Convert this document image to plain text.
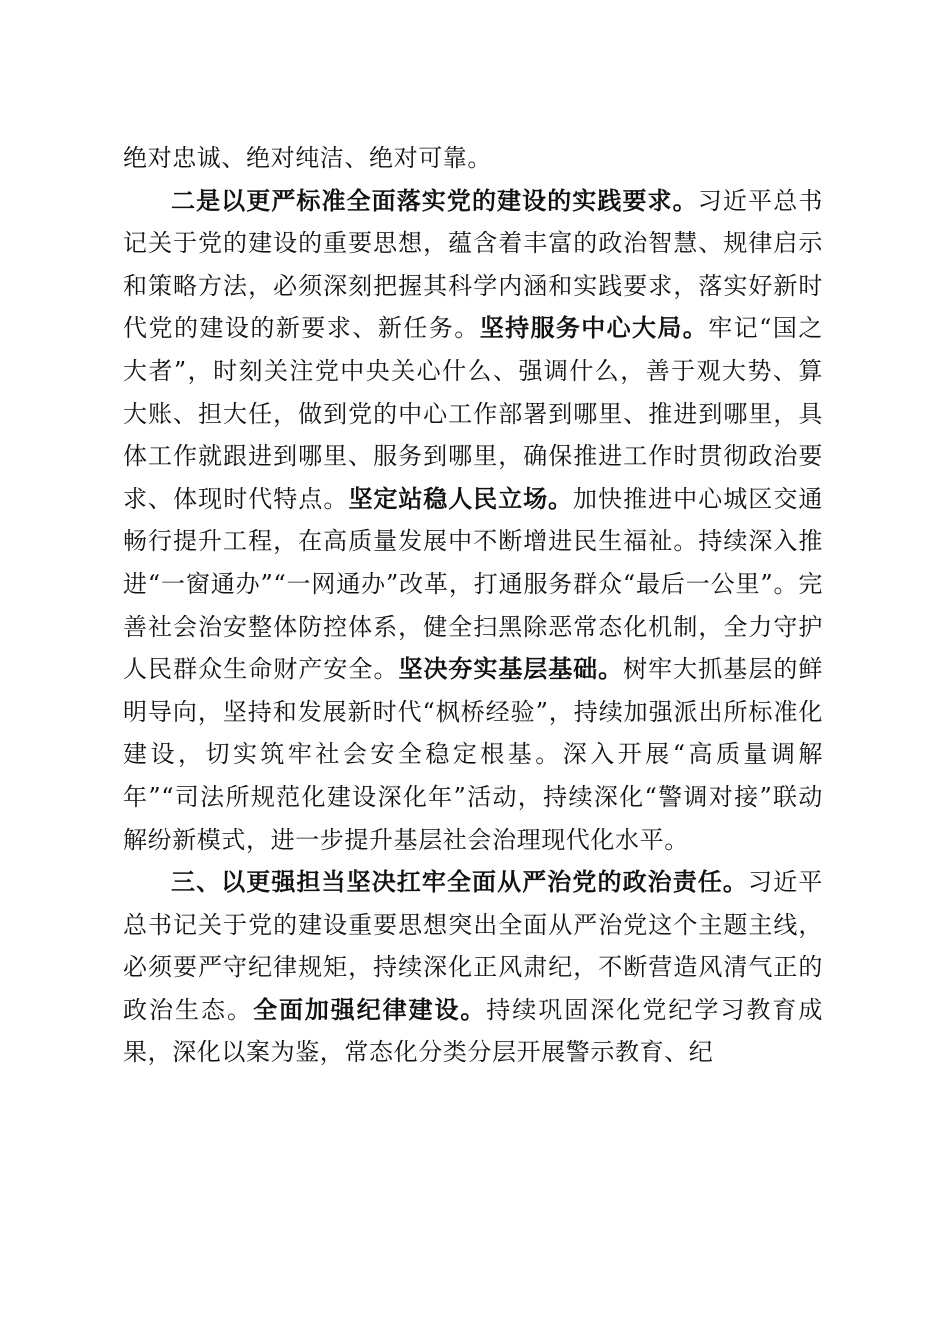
绝对忠诚、绝对纯洁、绝对可靠。

二是以更严标准全面落实党的建设的实践要求。习近平总书记关于党的建设的重要思想，蕴含着丰富的政治智慧、规律启示和策略方法，必须深刻把握其科学内涵和实践要求，落实好新时代党的建设的新要求、新任务。坚持服务中心大局。牢记“国之大者”，时刻关注党中央关心什么、强调什么，善于观大势、算大账、担大任，做到党的中心工作部署到哪里、推进到哪里，具体工作就跟进到哪里、服务到哪里，确保推进工作时贯彻政治要求、体现时代特点。坚定站稳人民立场。加快推进中心城区交通畅行提升工程，在高质量发展中不断增进民生福祉。持续深入推进“一窗通办”“一网通办”改革，打通服务群众“最后一公里”。完善社会治安整体防控体系，健全扫黑除恶常态化机制，全力守护人民群众生命财产安全。坚决夯实基层基础。树牢大抓基层的鲜明导向，坚持和发展新时代“枫桥经验”，持续加强派出所标准化建设，切实筑牢社会安全稳定根基。深入开展“高质量调解年”“司法所规范化建设深化年”活动，持续深化“警调对接”联动解纷新模式，进一步提升基层社会治理现代化水平。

三、以更强担当坚决扛牢全面从严治党的政治责任。习近平总书记关于党的建设重要思想突出全面从严治党这个主题主线，必须要严守纪律规矩，持续深化正风肃纪，不断营造风清气正的政治生态。全面加强纪律建设。持续巩固深化党纪学习教育成果，深化以案为鉴，常态化分类分层开展警示教育、纪
